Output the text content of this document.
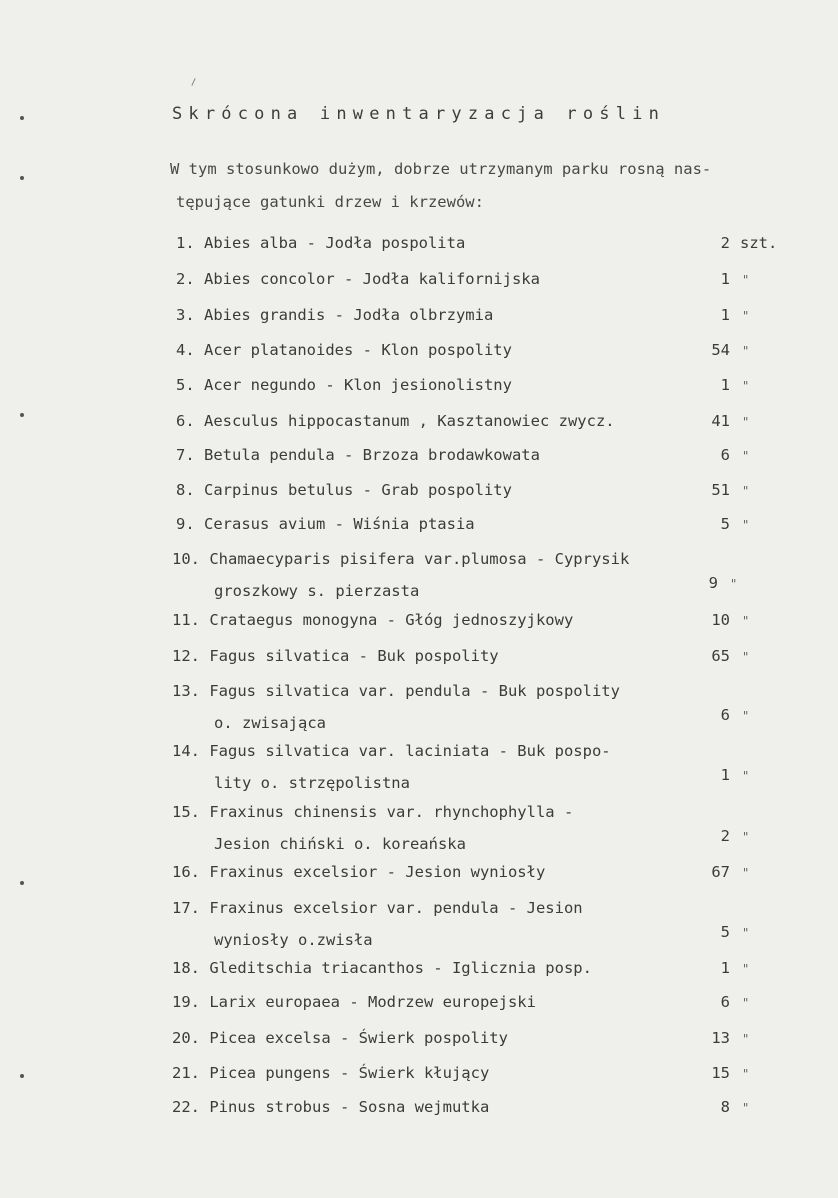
Skrócona inwentaryzacja roślin
W tym stosunkowo dużym, dobrze utrzymanym parku rosną nas-
tępujące gatunki drzew i krzewów:
1. Abies alba - Jodła pospolita	2 szt.
2. Abies concolor - Jodła kalifornijska	1 "
3. Abies grandis - Jodła olbrzymia	1 "
4. Acer platanoides - Klon pospolity	54 "
5. Acer negundo - Klon jesionolistny	1 "
6. Aesculus hippocastanum , Kasztanowiec zwycz.	41 "
7. Betula pendula - Brzoza brodawkowata	6 "
8. Carpinus betulus - Grab pospolity	51 "
9. Cerasus avium - Wiśnia ptasia	5 "
10. Chamaecyparis pisifera var.plumosa - Cyprysik
groszkowy s. pierzasta	9 "
11. Crataegus monogyna - Głóg jednoszyjkowy	10 "
12. Fagus silvatica - Buk pospolity	65 "
13. Fagus silvatica var. pendula - Buk pospolity
o. zwisająca	6 "
14. Fagus silvatica var. laciniata - Buk pospo-
lity o. strzępolistna	1 "
15. Fraxinus chinensis var. rhynchophylla -
Jesion chiński o. koreańska	2 "
16. Fraxinus excelsior - Jesion wyniosły	67 "
17. Fraxinus excelsior var. pendula - Jesion
wyniosły o.zwisła	5 "
18. Gleditschia triacanthos - Iglicznia posp.	1 "
19. Larix europaea - Modrzew europejski	6 "
20. Picea excelsa - Świerk pospolity	13 "
21. Picea pungens - Świerk kłujący	15 "
22. Pinus strobus - Sosna wejmutka	8 "
